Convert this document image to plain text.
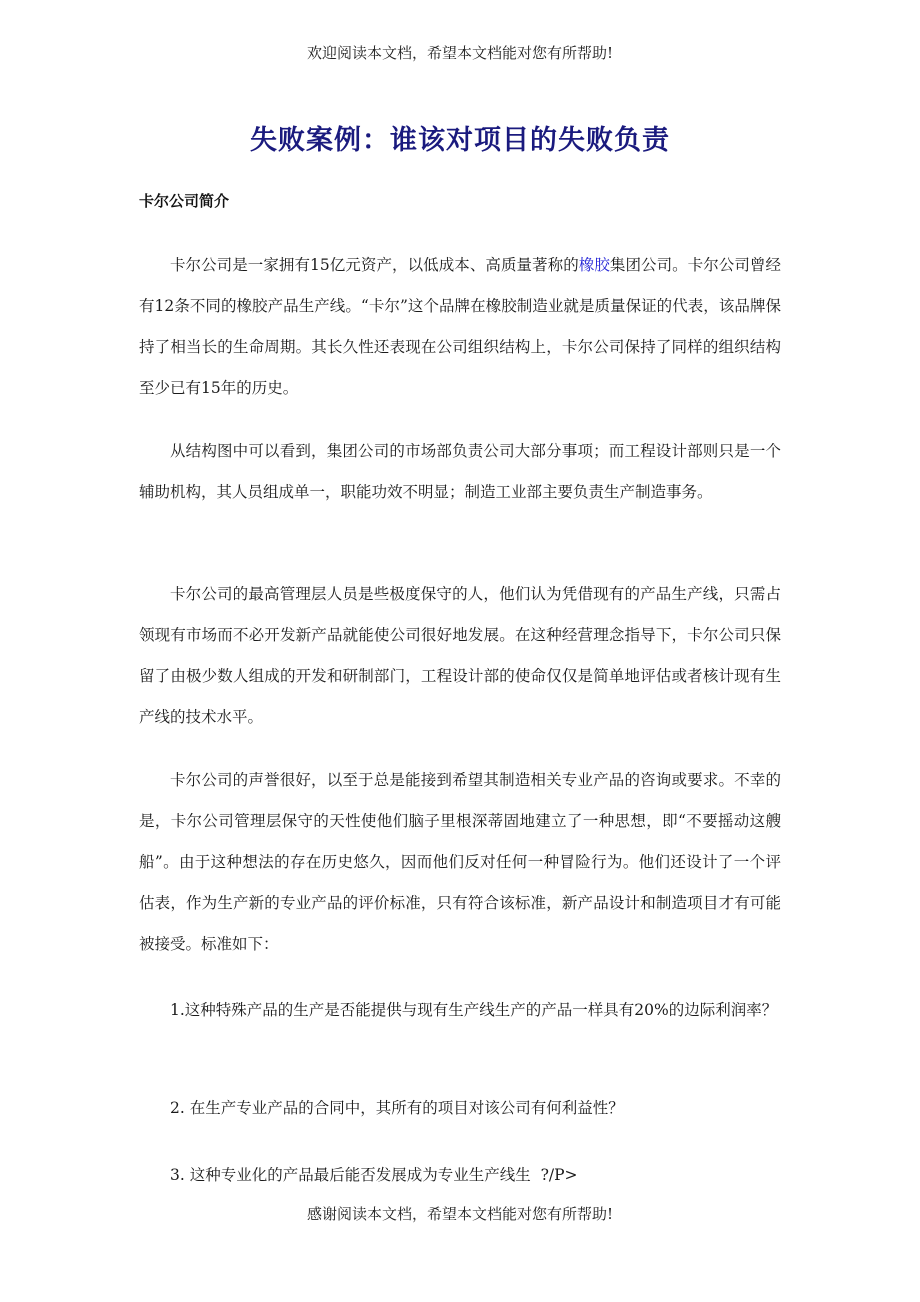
欢迎阅读本文档，希望本文档能对您有所帮助!
失败案例：谁该对项目的失败负责
卡尔公司简介

卡尔公司是一家拥有15亿元资产，以低成本、高质量著称的橡胶集团公司。卡尔公司曾经有12条不同的橡胶产品生产线。“卡尔”这个品牌在橡胶制造业就是质量保证的代表，该品牌保持了相当长的生命周期。其长久性还表现在公司组织结构上，卡尔公司保持了同样的组织结构至少已有15年的历史。

从结构图中可以看到，集团公司的市场部负责公司大部分事项；而工程设计部则只是一个辅助机构，其人员组成单一，职能功效不明显；制造工业部主要负责生产制造事务。

卡尔公司的最高管理层人员是些极度保守的人，他们认为凭借现有的产品生产线，只需占领现有市场而不必开发新产品就能使公司很好地发展。在这种经营理念指导下，卡尔公司只保留了由极少数人组成的开发和研制部门，工程设计部的使命仅仅是简单地评估或者核计现有生产线的技术水平。

卡尔公司的声誉很好，以至于总是能接到希望其制造相关专业产品的咨询或要求。不幸的是，卡尔公司管理层保守的天性使他们脑子里根深蒂固地建立了一种思想，即“不要摇动这艘船”。由于这种想法的存在历史悠久，因而他们反对任何一种冒险行为。他们还设计了一个评估表，作为生产新的专业产品的评价标准，只有符合该标准，新产品设计和制造项目才有可能被接受。标准如下：

1.这种特殊产品的生产是否能提供与现有生产线生产的产品一样具有20%的边际利润率？

2. 在生产专业产品的合同中，其所有的项目对该公司有何利益性？

3. 这种专业化的产品最后能否发展成为专业生产线生  ?/P>

感谢阅读本文档，希望本文档能对您有所帮助!
